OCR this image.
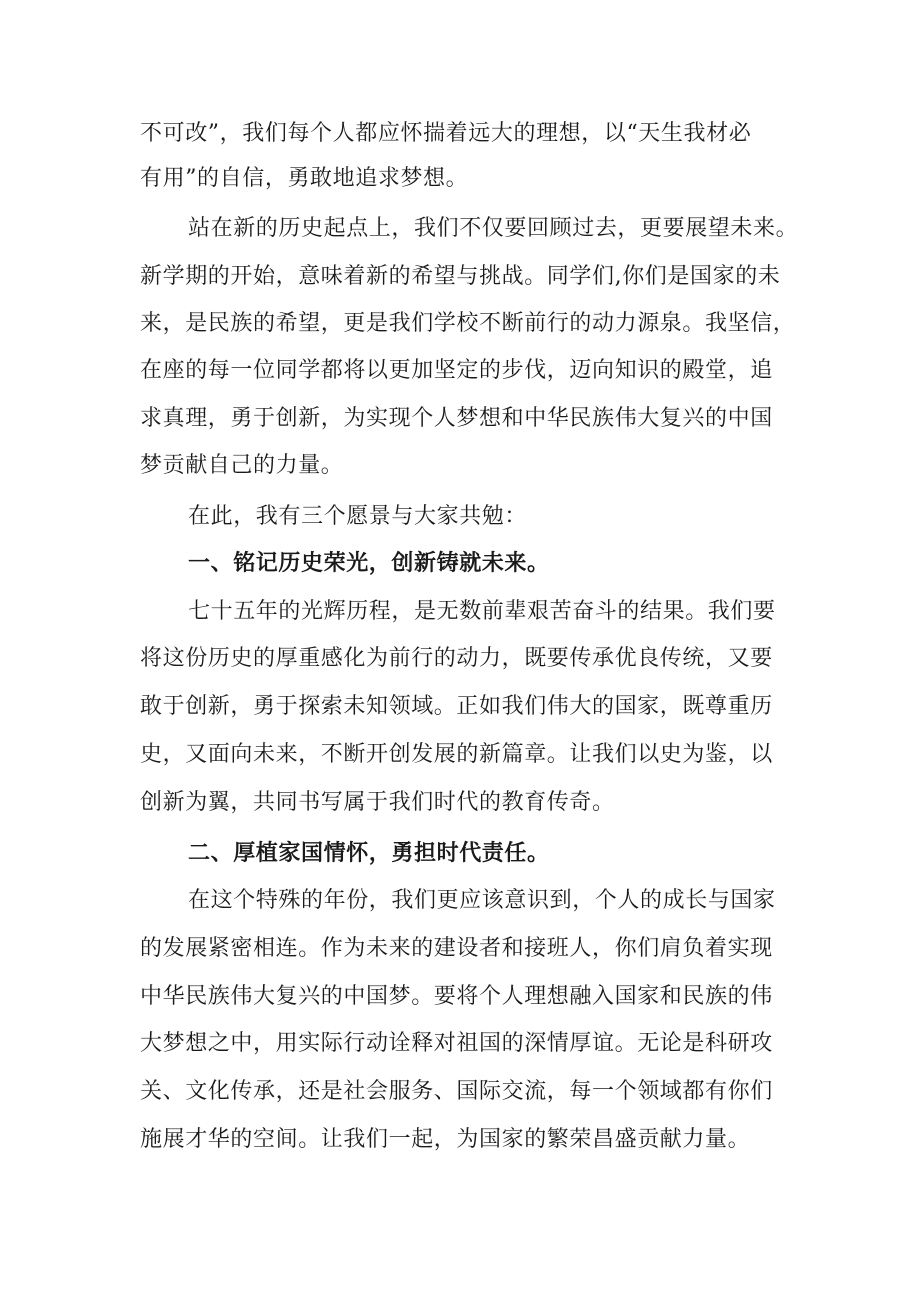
不可改”，我们每个人都应怀揣着远大的理想，以“天生我材必
有用”的自信，勇敢地追求梦想。
站在新的历史起点上，我们不仅要回顾过去，更要展望未来。
新学期的开始，意味着新的希望与挑战。同学们,你们是国家的未
来，是民族的希望，更是我们学校不断前行的动力源泉。我坚信，
在座的每一位同学都将以更加坚定的步伐，迈向知识的殿堂，追
求真理，勇于创新，为实现个人梦想和中华民族伟大复兴的中国
梦贡献自己的力量。
在此，我有三个愿景与大家共勉：
一、铭记历史荣光，创新铸就未来。
七十五年的光辉历程，是无数前辈艰苦奋斗的结果。我们要
将这份历史的厚重感化为前行的动力，既要传承优良传统，又要
敢于创新，勇于探索未知领域。正如我们伟大的国家，既尊重历
史，又面向未来，不断开创发展的新篇章。让我们以史为鉴，以
创新为翼，共同书写属于我们时代的教育传奇。
二、厚植家国情怀，勇担时代责任。
在这个特殊的年份，我们更应该意识到，个人的成长与国家
的发展紧密相连。作为未来的建设者和接班人，你们肩负着实现
中华民族伟大复兴的中国梦。要将个人理想融入国家和民族的伟
大梦想之中，用实际行动诠释对祖国的深情厚谊。无论是科研攻
关、文化传承，还是社会服务、国际交流，每一个领域都有你们
施展才华的空间。让我们一起，为国家的繁荣昌盛贡献力量。
